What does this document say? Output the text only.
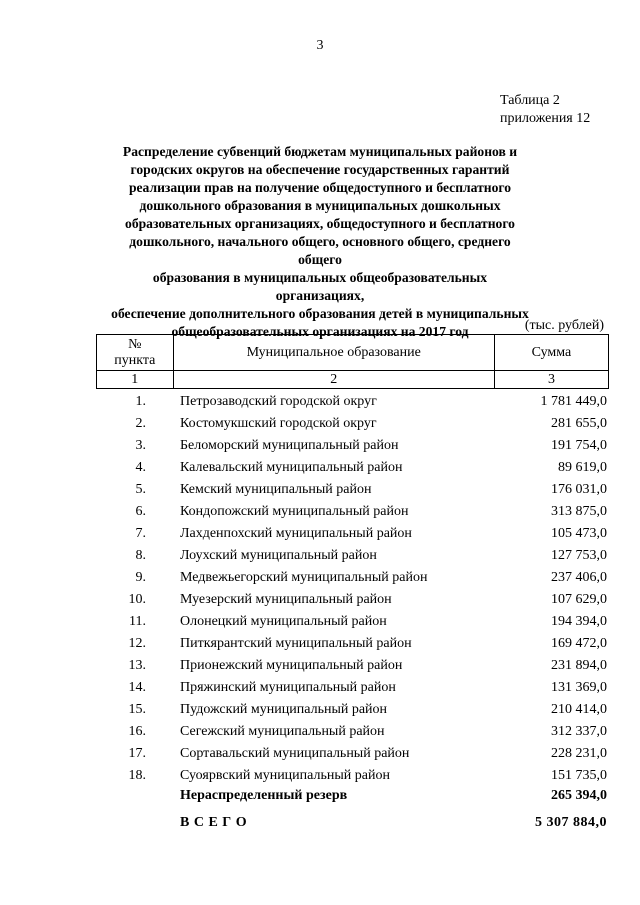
3
Таблица 2
приложения 12
Распределение субвенций бюджетам муниципальных районов и
городских округов на обеспечение государственных гарантий
реализации прав на получение общедоступного и бесплатного
дошкольного образования в муниципальных дошкольных
образовательных организациях, общедоступного и бесплатного
дошкольного, начального общего, основного общего, среднего общего
образования в муниципальных общеобразовательных организациях,
обеспечение дополнительного образования детей в муниципальных
общеобразовательных организациях на 2017 год	(тыс. рублей)
№
пункта	Муниципальное образование	Сумма
1	2	3
1. Петрозаводский городской округ	1 781 449,0
2. Костомукшский городской округ	281 655,0
3. Беломорский муниципальный район	191 754,0
4. Калевальский муниципальный район	89 619,0
5. Кемский муниципальный район	176 031,0
6. Кондопожский муниципальный район	313 875,0
7. Лахденпохский муниципальный район	105 473,0
8. Лоухский муниципальный район	127 753,0
9. Медвежьегорский муниципальный район	237 406,0
10. Муезерский муниципальный район	107 629,0
11. Олонецкий муниципальный район	194 394,0
12. Питкярантский муниципальный район	169 472,0
13. Прионежский муниципальный район	231 894,0
14. Пряжинский муниципальный район	131 369,0
15. Пудожский муниципальный район	210 414,0
16. Сегежский муниципальный район	312 337,0
17. Сортавальский муниципальный район	228 231,0
18. Суоярвский муниципальный район	151 735,0
Нераспределенный резерв	265 394,0
В С Е Г О	5 307 884,0
